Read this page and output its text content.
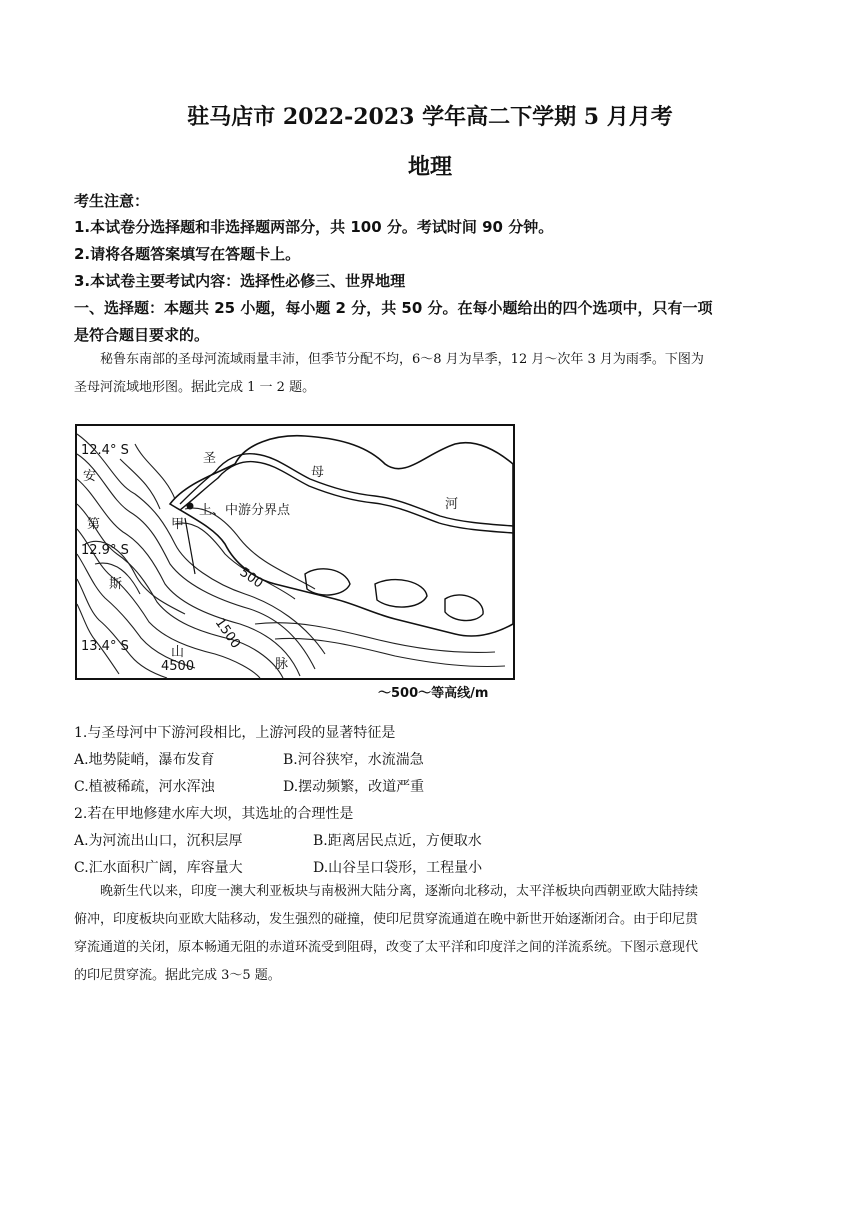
驻马店市 2022-2023 学年高二下学期 5 月月考
地理
考生注意：
1.本试卷分选择题和非选择题两部分，共 100 分。考试时间 90 分钟。
2.请将各题答案填写在答题卡上。
3.本试卷主要考试内容：选择性必修三、世界地理
一、选择题：本题共 25 小题，每小题 2 分，共 50 分。在每小题给出的四个选项中，只有一项
是符合题目要求的。
秘鲁东南部的圣母河流域雨量丰沛，但季节分配不均，6～8 月为旱季，12 月～次年 3 月为雨季。下图为
圣母河流域地形图。据此完成 1 一 2 题。
12.4° S
12.9° S
13.4° S
安
第
斯
山
脉
圣
母
河
上、中游分界点
甲
500
1500
4500
～500～等高线/m
1.与圣母河中下游河段相比，上游河段的显著特征是
A.地势陡峭，瀑布发育	B.河谷狭窄，水流湍急
C.植被稀疏，河水浑浊	D.摆动频繁，改道严重
2.若在甲地修建水库大坝，其选址的合理性是
A.为河流出山口，沉积层厚	B.距离居民点近，方便取水
C.汇水面积广阔，库容量大	D.山谷呈口袋形，工程量小
晚新生代以来，印度一澳大利亚板块与南极洲大陆分离，逐渐向北移动，太平洋板块向西朝亚欧大陆持续
俯冲，印度板块向亚欧大陆移动，发生强烈的碰撞，使印尼贯穿流通道在晚中新世开始逐渐闭合。由于印尼贯
穿流通道的关闭，原本畅通无阻的赤道环流受到阻碍，改变了太平洋和印度洋之间的洋流系统。下图示意现代
的印尼贯穿流。据此完成 3～5 题。
